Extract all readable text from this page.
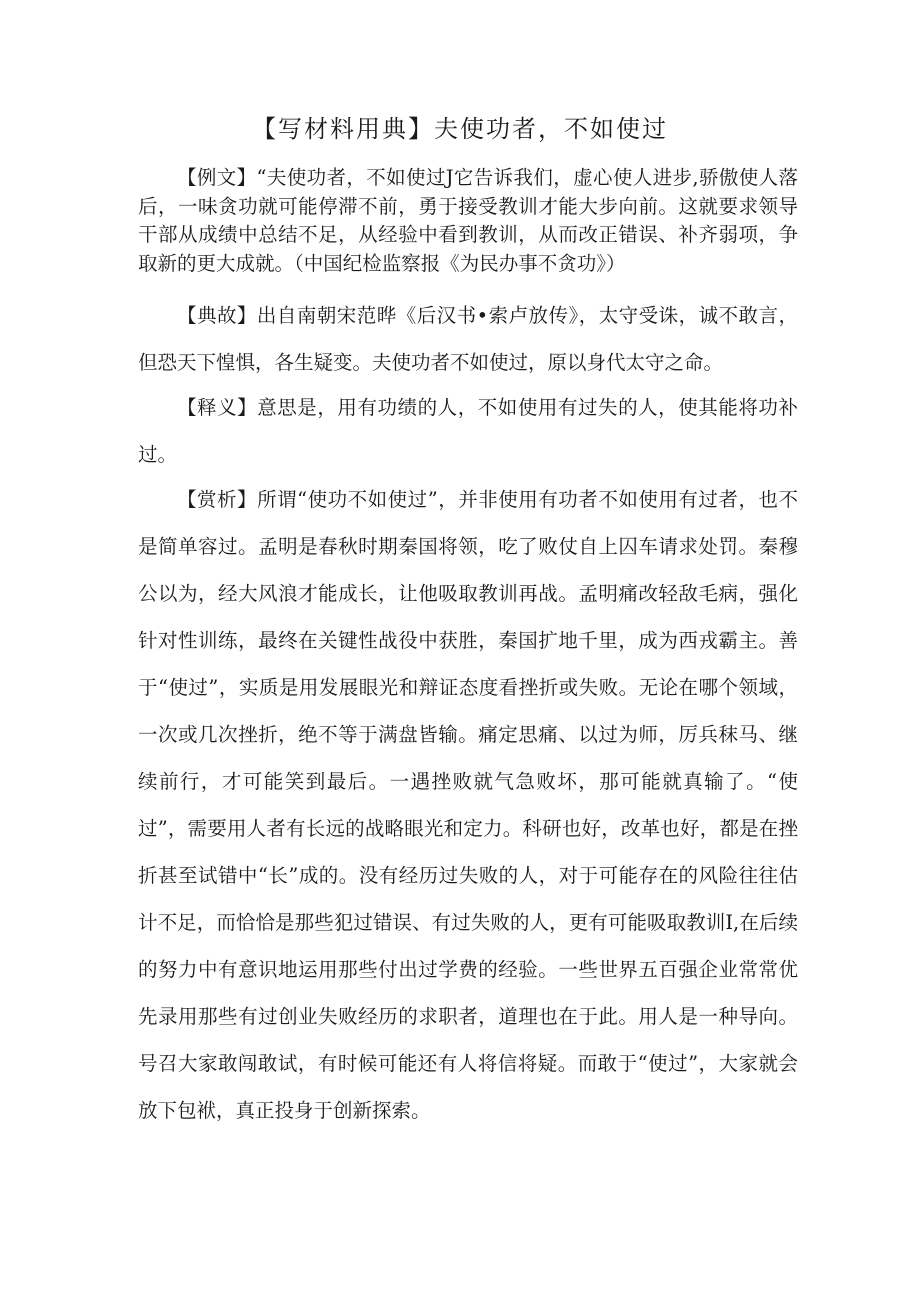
【写材料用典】夫使功者，不如使过

【例文】“夫使功者，不如使过J它告诉我们，虚心使人进步,骄傲使人落后，一味贪功就可能停滞不前，勇于接受教训才能大步向前。这就要求领导干部从成绩中总结不足，从经验中看到教训，从而改正错误、补齐弱项，争取新的更大成就。（中国纪检监察报《为民办事不贪功》）

【典故】出自南朝宋范晔《后汉书•索卢放传》，太守受诛，诚不敢言，但恐天下惶惧，各生疑变。夫使功者不如使过，原以身代太守之命。

【释义】意思是，用有功绩的人，不如使用有过失的人，使其能将功补过。

【赏析】所谓“使功不如使过”，并非使用有功者不如使用有过者，也不是简单容过。孟明是春秋时期秦国将领，吃了败仗自上囚车请求处罚。秦穆公以为，经大风浪才能成长，让他吸取教训再战。孟明痛改轻敌毛病，强化针对性训练，最终在关键性战役中获胜，秦国扩地千里，成为西戎霸主。善于“使过”，实质是用发展眼光和辩证态度看挫折或失败。无论在哪个领域，一次或几次挫折，绝不等于满盘皆输。痛定思痛、以过为师，厉兵秣马、继续前行，才可能笑到最后。一遇挫败就气急败坏，那可能就真输了。“使过”，需要用人者有长远的战略眼光和定力。科研也好，改革也好，都是在挫折甚至试错中“长”成的。没有经历过失败的人，对于可能存在的风险往往估计不足，而恰恰是那些犯过错误、有过失败的人，更有可能吸取教训I,在后续的努力中有意识地运用那些付出过学费的经验。一些世界五百强企业常常优先录用那些有过创业失败经历的求职者，道理也在于此。用人是一种导向。号召大家敢闯敢试，有时候可能还有人将信将疑。而敢于“使过”，大家就会放下包袱，真正投身于创新探索。
